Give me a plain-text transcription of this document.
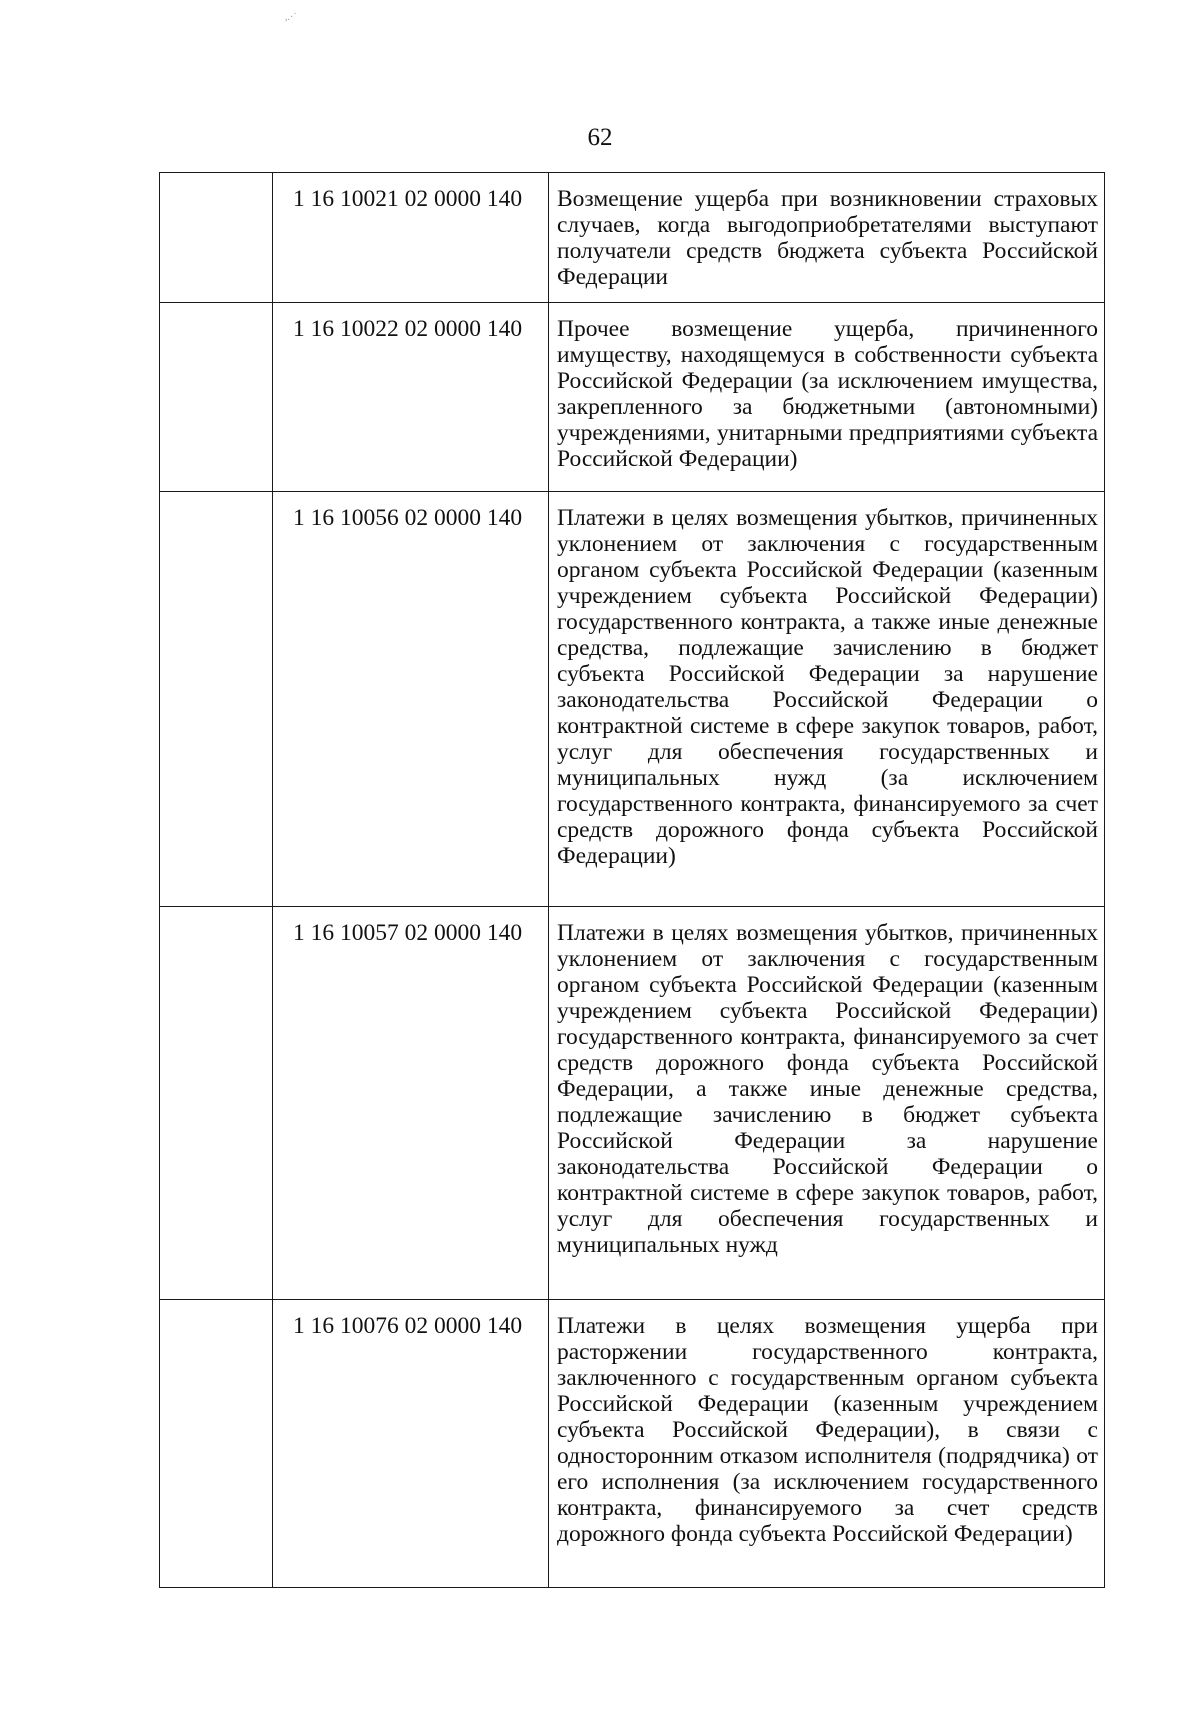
,.·˙
62
	1 16 10021 02 0000 140	Возмещение ущерба при возникновении страховых случаев, когда выгодоприобретателями выступают получатели средств бюджета субъекта Российской Федерации

	1 16 10022 02 0000 140	Прочее возмещение ущерба, причиненного имуществу, находящемуся в собственности субъекта Российской Федерации (за исключением имущества, закрепленного за бюджетными (автономными) учреждениями, унитарными предприятиями субъекта Российской Федерации)

	1 16 10056 02 0000 140	Платежи в целях возмещения убытков, причиненных уклонением от заключения с государственным органом субъекта Российской Федерации (казенным учреждением субъекта Российской Федерации) государственного контракта, а также иные денежные средства, подлежащие зачислению в бюджет субъекта Российской Федерации за нарушение законодательства Российской Федерации о контрактной системе в сфере закупок товаров, работ, услуг для обеспечения государственных и муниципальных нужд (за исключением государственного контракта, финансируемого за счет средств дорожного фонда субъекта Российской Федерации)

	1 16 10057 02 0000 140	Платежи в целях возмещения убытков, причиненных уклонением от заключения с государственным органом субъекта Российской Федерации (казенным учреждением субъекта Российской Федерации) государственного контракта, финансируемого за счет средств дорожного фонда субъекта Российской Федерации, а также иные денежные средства, подлежащие зачислению в бюджет субъекта Российской Федерации за нарушение законодательства Российской Федерации о контрактной системе в сфере закупок товаров, работ, услуг для обеспечения государственных и муниципальных нужд

	1 16 10076 02 0000 140	Платежи в целях возмещения ущерба при расторжении государственного контракта, заключенного с государственным органом субъекта Российской Федерации (казенным учреждением субъекта Российской Федерации), в связи с односторонним отказом исполнителя (подрядчика) от его исполнения (за исключением государственного контракта, финансируемого за счет средств дорожного фонда субъекта Российской Федерации)
